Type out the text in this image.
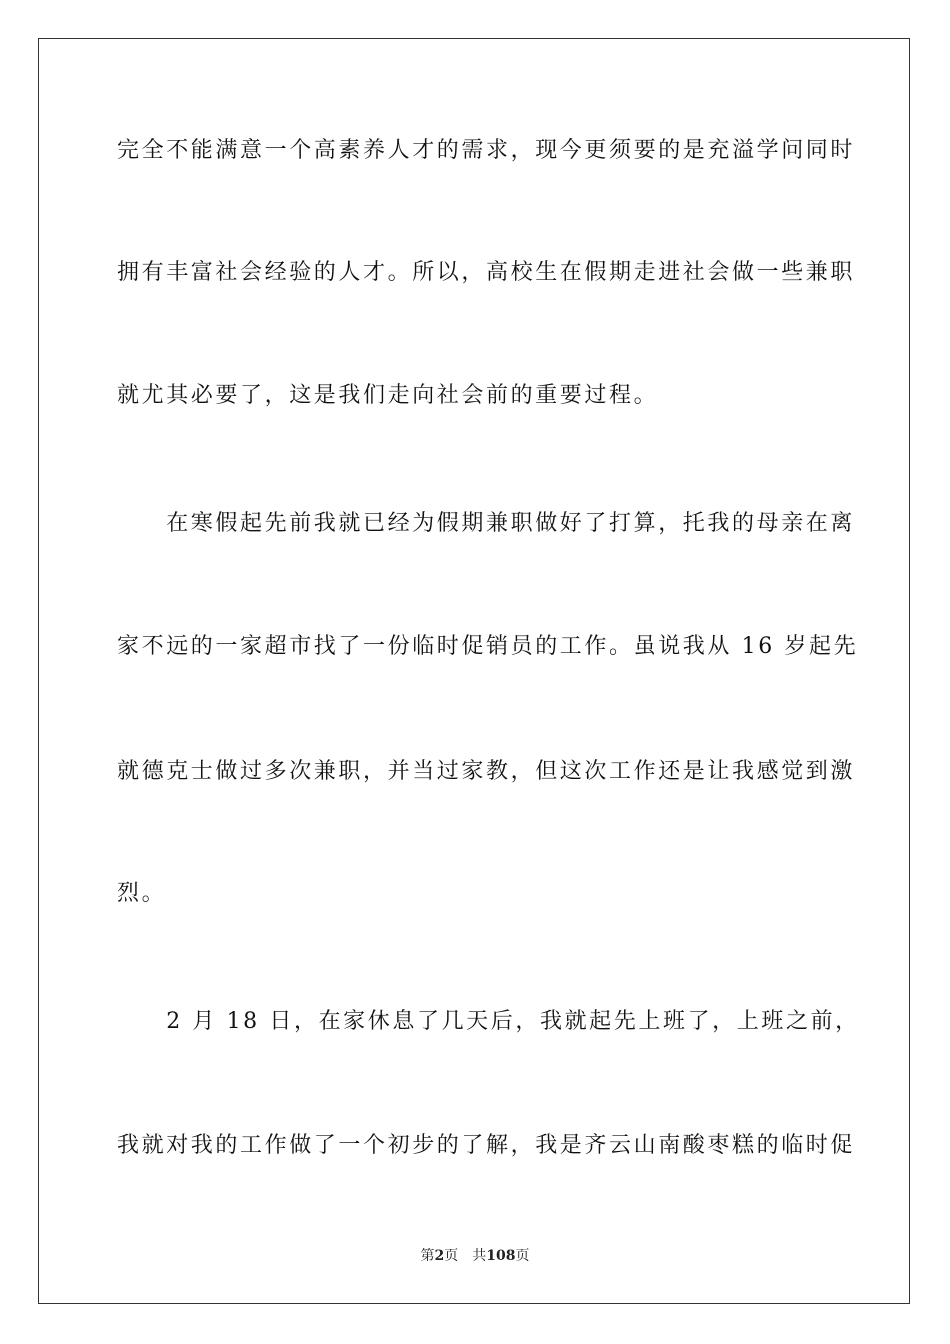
完全不能满意一个高素养人才的需求，现今更须要的是充溢学问同时
拥有丰富社会经验的人才。所以，高校生在假期走进社会做一些兼职
就尤其必要了，这是我们走向社会前的重要过程。
　　在寒假起先前我就已经为假期兼职做好了打算，托我的母亲在离
家不远的一家超市找了一份临时促销员的工作。虽说我从 16 岁起先
就德克士做过多次兼职，并当过家教，但这次工作还是让我感觉到激
烈。
　　2 月 18 日，在家休息了几天后，我就起先上班了，上班之前，
我就对我的工作做了一个初步的了解，我是齐云山南酸枣糕的临时促
第2页 共108页
